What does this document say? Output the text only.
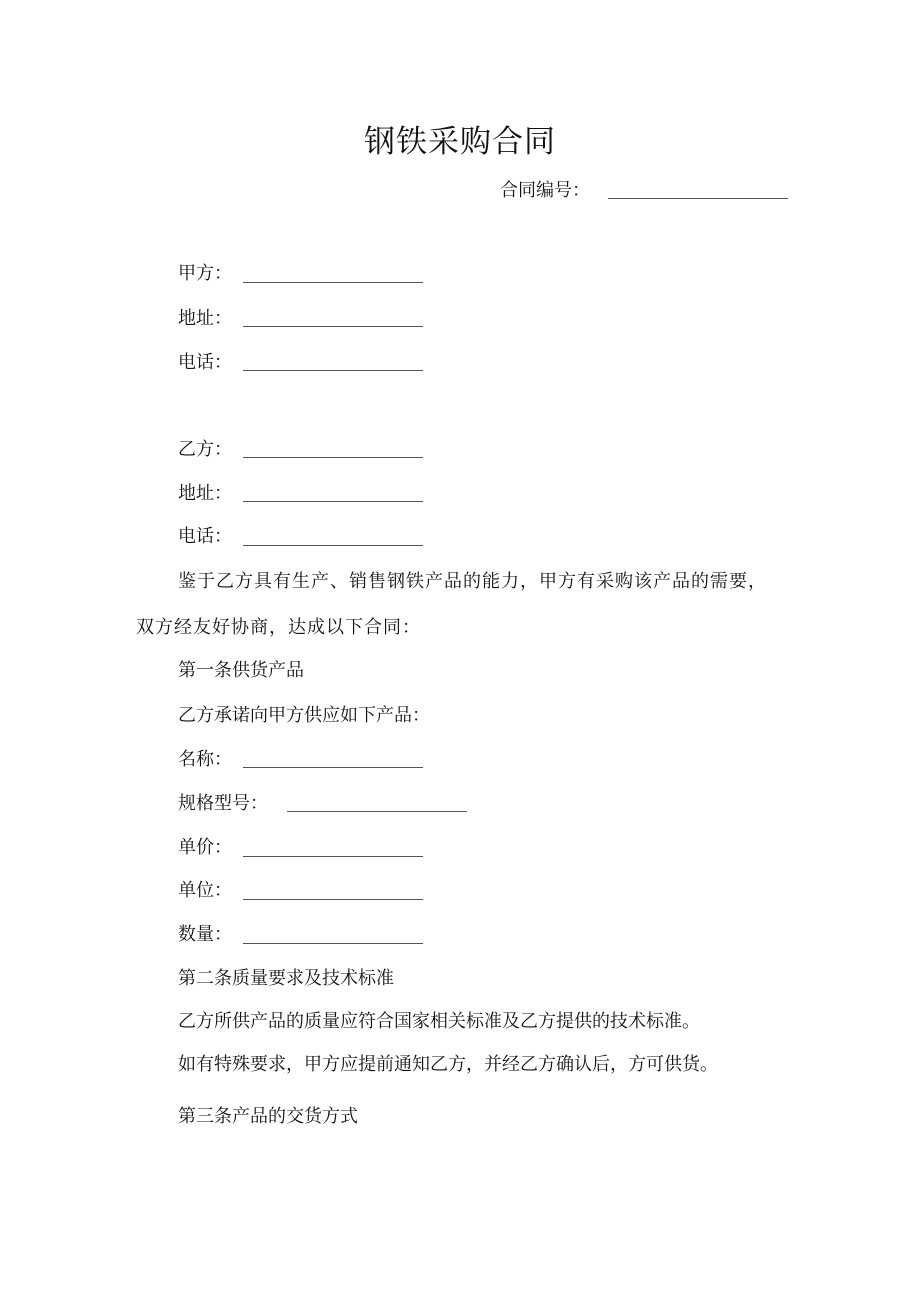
钢铁采购合同
合同编号：
甲方：
地址：
电话：
乙方：
地址：
电话：
鉴于乙方具有生产、销售钢铁产品的能力，甲方有采购该产品的需要，
双方经友好协商，达成以下合同：
第一条供货产品
乙方承诺向甲方供应如下产品：
名称：
规格型号：
单价：
单位：
数量：
第二条质量要求及技术标准
乙方所供产品的质量应符合国家相关标准及乙方提供的技术标准。
如有特殊要求，甲方应提前通知乙方，并经乙方确认后，方可供货。
第三条产品的交货方式
